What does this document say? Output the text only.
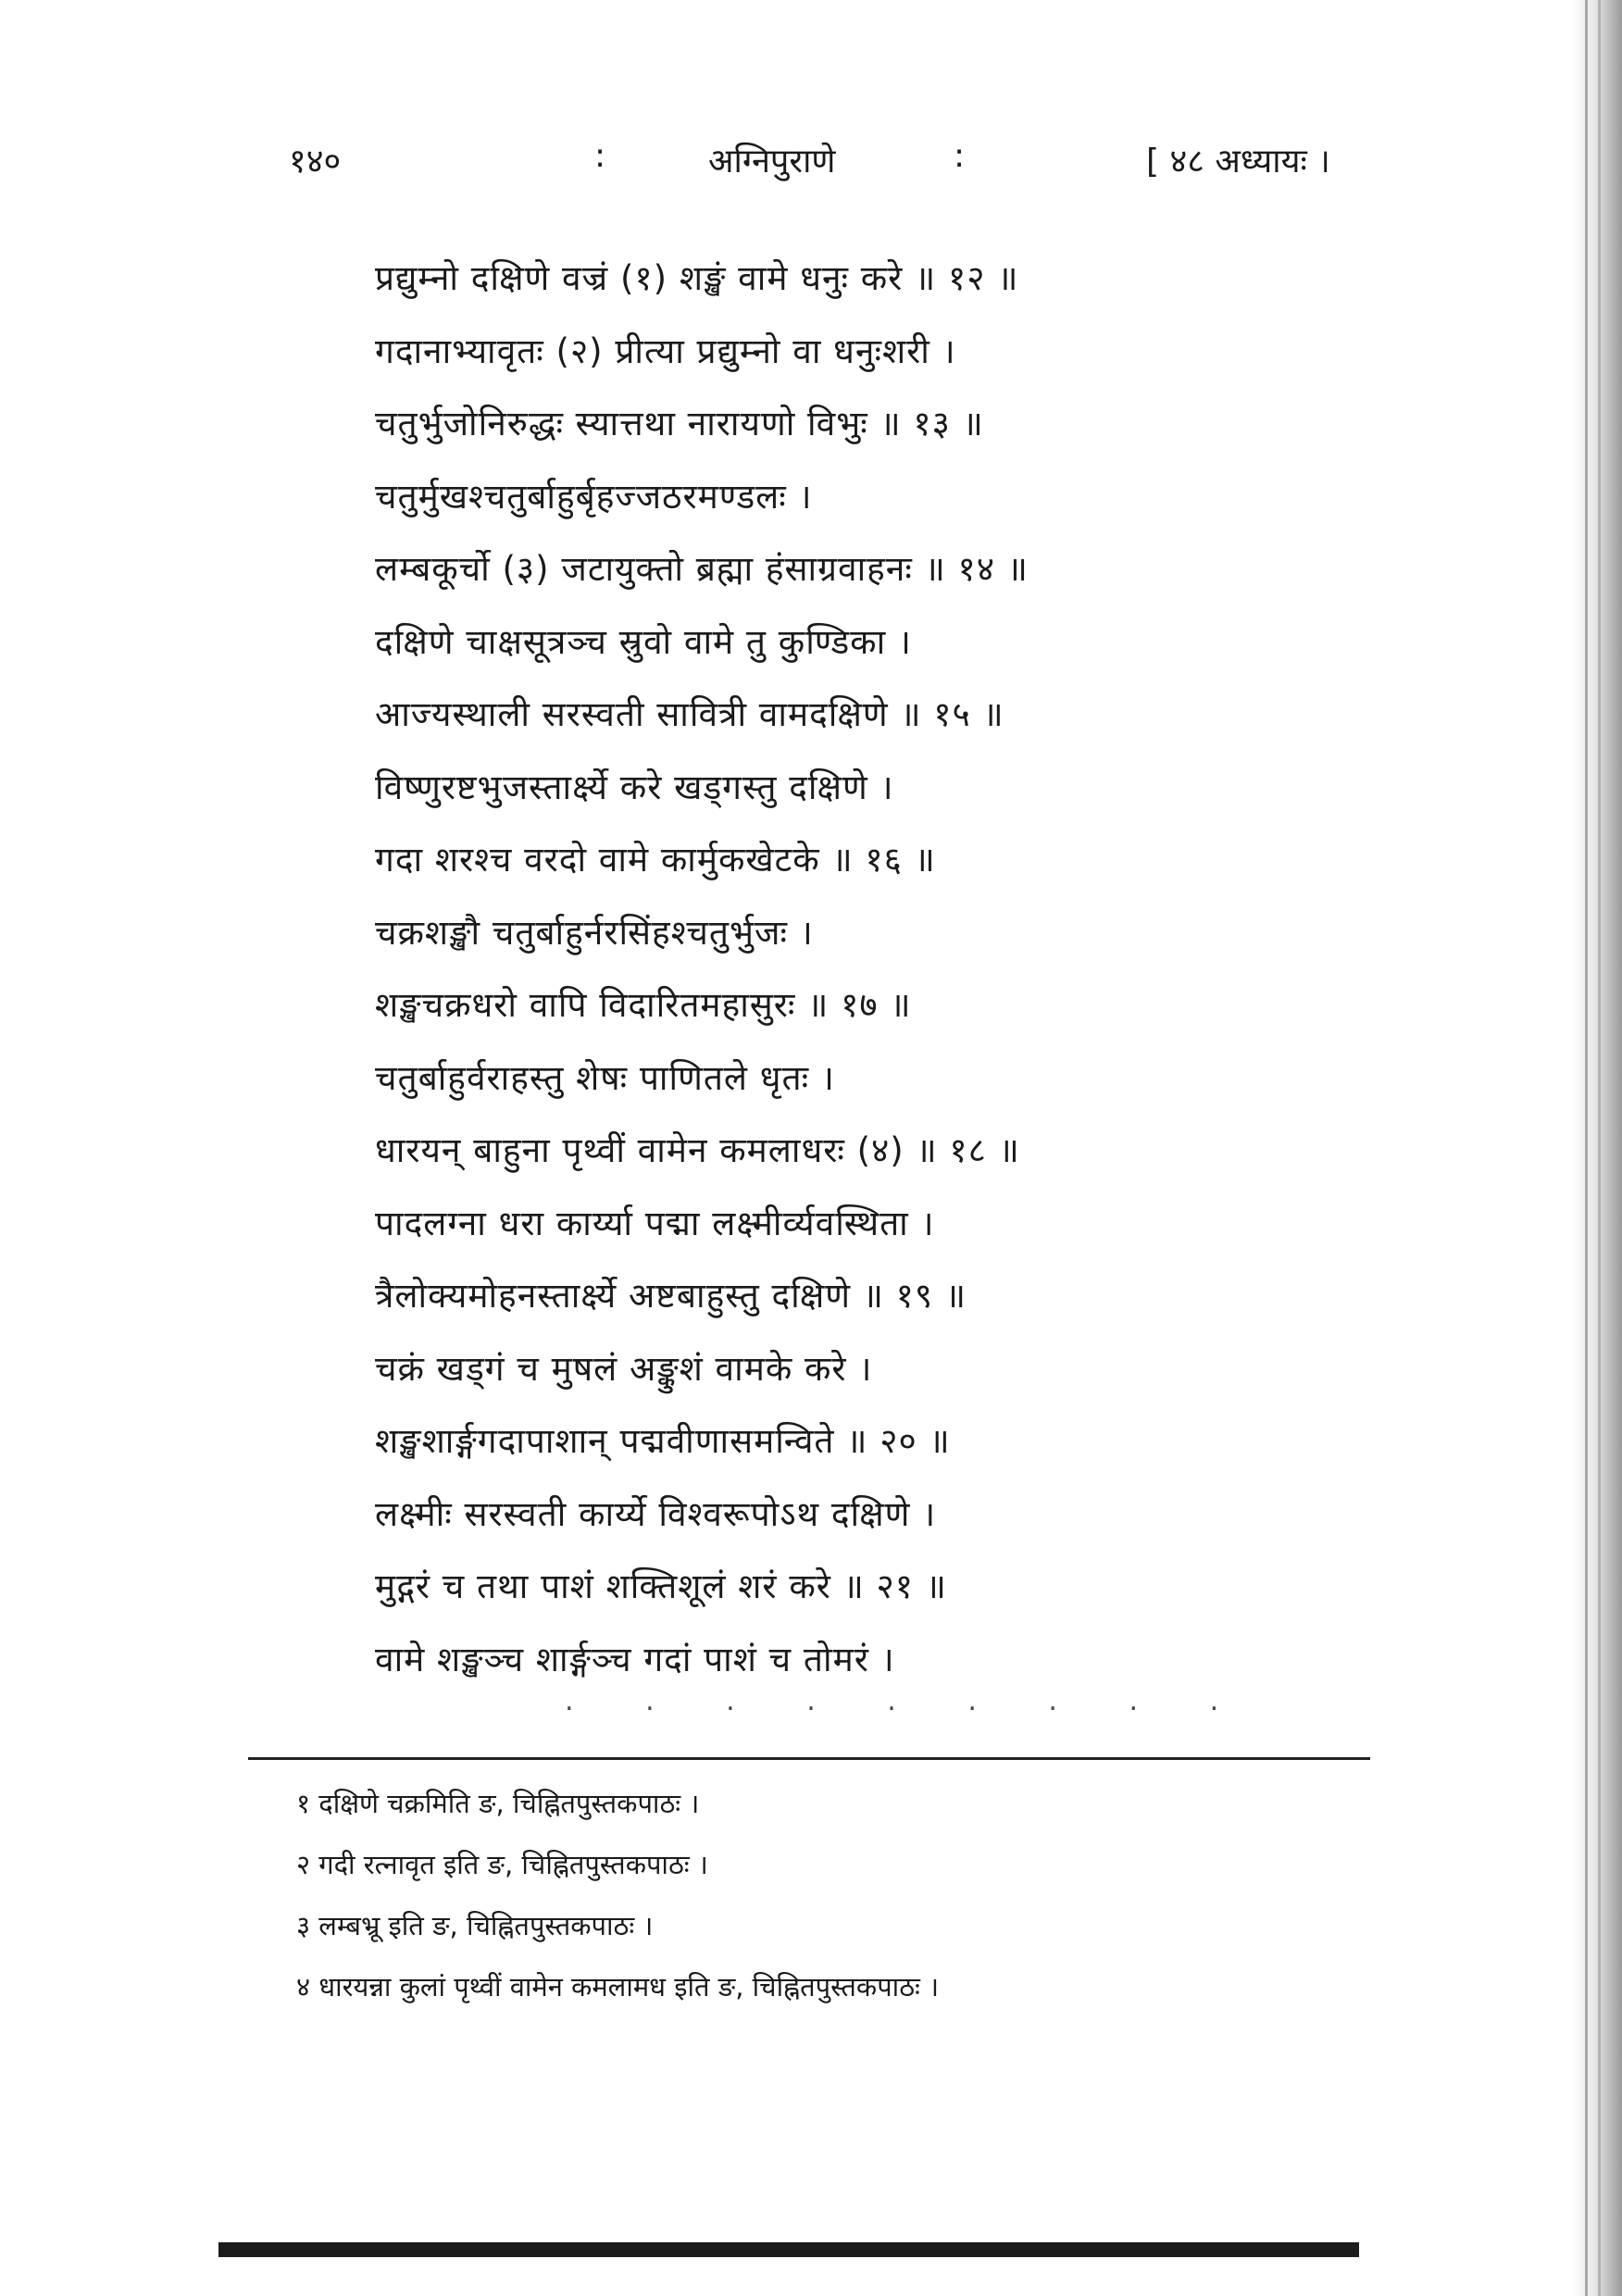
१४०	:	अग्निपुराणे	:	[ ४८ अध्यायः ।
प्रद्युम्नो दक्षिणे वज्रं (१) शङ्खं वामे धनुः करे ॥ १२ ॥
गदानाभ्यावृतः (२) प्रीत्या प्रद्युम्नो वा धनुःशरी ।
चतुर्भुजोनिरुद्धः स्यात्तथा नारायणो विभुः ॥ १३ ॥
चतुर्मुखश्चतुर्बाहुर्बृहज्जठरमण्डलः ।
लम्बकूर्चो (३) जटायुक्तो ब्रह्मा हंसाग्रवाहनः ॥ १४ ॥
दक्षिणे चाक्षसूत्रञ्च स्रुवो वामे तु कुण्डिका ।
आज्यस्थाली सरस्वती सावित्री वामदक्षिणे ॥ १५ ॥
विष्णुरष्टभुजस्तार्क्ष्ये करे खड्गस्तु दक्षिणे ।
गदा शरश्च वरदो वामे कार्मुकखेटके ॥ १६ ॥
चक्रशङ्खौ चतुर्बाहुर्नरसिंहश्चतुर्भुजः ।
शङ्खचक्रधरो वापि विदारितमहासुरः ॥ १७ ॥
चतुर्बाहुर्वराहस्तु शेषः पाणितले धृतः ।
धारयन् बाहुना पृथ्वीं वामेन कमलाधरः (४) ॥ १८ ॥
पादलग्ना धरा कार्य्या पद्मा लक्ष्मीर्व्यवस्थिता ।
त्रैलोक्यमोहनस्तार्क्ष्ये अष्टबाहुस्तु दक्षिणे ॥ १९ ॥
चक्रं खड्गं च मुषलं अङ्कुशं वामके करे ।
शङ्खशार्ङ्गगदापाशान् पद्मवीणासमन्विते ॥ २० ॥
लक्ष्मीः सरस्वती कार्य्ये विश्वरूपोऽथ दक्षिणे ।
मुद्गरं च तथा पाशं शक्तिशूलं शरं करे ॥ २१ ॥
वामे शङ्खञ्च शार्ङ्गञ्च गदां पाशं च तोमरं ।
. . . . . . . . .
१ दक्षिणे चक्रमिति ङ, चिह्नितपुस्तकपाठः ।
२ गदी रत्नावृत इति ङ, चिह्नितपुस्तकपाठः ।
३ लम्बभ्रू इति ङ, चिह्नितपुस्तकपाठः ।
४ धारयन्ना कुलां पृथ्वीं वामेन कमलामध इति ङ, चिह्नितपुस्तकपाठः ।
